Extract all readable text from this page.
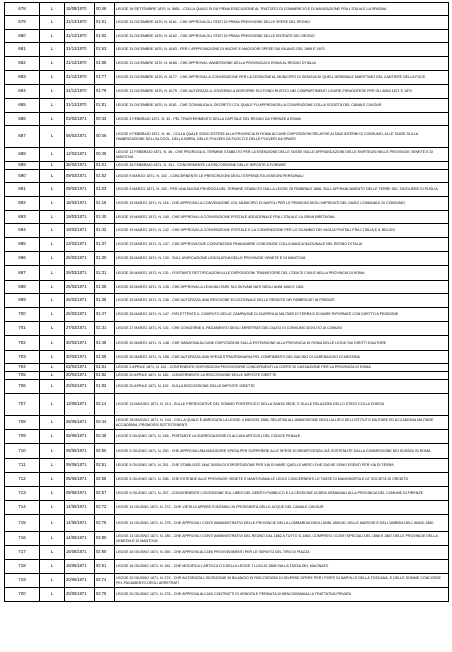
678	L	15/08/1870	00:46	LEGGE 18 SETTEMBRE 1870, N. 5851 - COLLA QUALE SI DÀ PIENA ESECUZIONE AL TRATTATO DI COMMERCIO E DI NAVIGAZIONE FRA L'ITALIA E LA SPAGNA
679	L	31/12/1870	01:61	LEGGE 31 DICEMBRE 1870, N. 6161 - CHE APPROVA GLI STATI DI PRIMA PREVISIONE DELLE SPESE DEL REGNO
680	L	31/12/1870	01:62	LEGGE 31 DICEMBRE 1870, N. 6162 - CHE APPROVA GLI STATI DI PRIMA PREVISIONE DELLE ENTRATE DEL REGNO
681	L	31/12/1870	01:63	LEGGE 31 DICEMBRE 1870, N. 6163 - PER L'APPROVAZIONE DI NUOVE E MAGGIORI SPESE SUI BILANCI DEL 1869 E 1870
682	L	31/12/1870	01:65	LEGGE 31 DICEMBRE 1870, N. 6165 - CHE APPROVA L'ANNESSIONE DELLA PROVINCIA DI ROMA AL REGNO D'ITALIA
683	L	31/12/1870	01:77	LEGGE 31 DICEMBRE 1870, N. 6177 - CHE APPROVA LA CONVENZIONE PER LA CESSIONE AL MUNICIPIO DI GENOVA DI QUELL'ARSENALE MARITTIMO DEL CANTIERE DELLA FOCE
684	L	31/12/1870	01:79	LEGGE 31 DICEMBRE 1870, N. 6179 - CHE AUTORIZZA IL GOVERNO A DISPORRE SUI FONDI RUSTICI NEI COMPARTIMENTI LIGURE-PIEMONTESE PER GLI ANNI 1871 E 1872
685	L	31/12/1870	01:81	LEGGE 31 DICEMBRE 1870, N. 6181 - CHE CONVALIDA IL DECRETO COL QUALE FU APPROVATA LA CONVENZIONE COLLA SOCIETÀ DEL CANALE CAVOUR
686	L	03/02/1871	00:33	LEGGE 3 FEBBRAIO 1871, N. 33 - PEL TRASFERIMENTO DELLA CAPITALE DEL REGNO DA FIRENZE A ROMA
687	L	05/02/1871	00:46	LEGGE 5 FEBBRAIO 1871, N. 46 - COLLA QUALE SONO ESTESE ALLA PROVINCIA DI ROMA ALCUNE DISPOSIZIONI RELATIVE AI DAZI INTERNI DI CONSUMO, ALLE TASSE SULLA FABBRICAZIONE DELL'ALCOOL, DELLA BIRRA, DELLE POLVERI DA FUOCO E DELLE POLVERI DA SPARO
688	L	12/02/1871	00:46	LEGGE 12 FEBBRAIO 1871, N. 46 - CHE PROROGA IL TERMINE STABILITO PER LA ESENZIONE DELLE TASSE SULLE AFFRANCAZIONI DELLE ENFITEUSI NELLE PROVINCIE VENETE E DI MANTOVA
689	L	26/02/1871	01:01	LEGGE 26 FEBBRAIO 1871, N. 101 - CONCERNENTE LA RISCOSSIONE DELLE IMPOSTE A FORNIRE
690	L	09/03/1871	01:02	LEGGE 9 MARZO 1871, N. 102 - CONCERNENTE LE PRESCRIZIONI DEGLI STIPENDI ED ASSEGNI PERSONALI
691	L	09/03/1871	01:03	LEGGE 9 MARZO 1871, N. 103 - PER UNA NUOVA PROROGA DEL TERMINE STABILITO DALLA LEGGE 28 FEBBRAIO 1866, SULL'AFFRANCAMENTO DELLE TERRE DEL TAVOLIERE DI PUGLIA
692	L	15/03/1871	01:16	LEGGE 15 MARZO 1871, N. 116 - CHE APPROVA LA CONVENZIONE COL MUNICIPIO DI NAPOLI PER LE PENSIONI DEGLI IMPIEGATI DEL DAZIO COMUNALE DI CONSUMO
693	L	19/03/1871	01:40	LEGGE 19 MARZO 1871, N. 140 - CHE APPROVA LA CONVENZIONE POSTALE ADDIZIONALE FRA L'ITALIA E LA GRAN BRETAGNA
694	L	19/03/1871	01:42	LEGGE 19 MARZO 1871, N. 142 - CHE APPROVA LA CONVENZIONE POSTALE E LA CONVENZIONE PER LO SCAMBIO DEI VAGLIA POSTALI FRA L'ITALIA E IL BELGIO
695	L	23/03/1871	01:37	LEGGE 23 MARZO 1871, N. 137 - CHE APPROVA DUE CONVENZIONI FINANZIARIE CONCHIUSE COLLA BANCA NAZIONALE NEL REGNO D'ITALIA
696	L	26/03/1871	01:30	LEGGE 26 MARZO 1871, N. 130 - SULL'UNIFICAZIONE LEGISLATIVA DELLE PROVINCIE VENETE E DI MANTOVA
697	L	26/03/1871	01:31	LEGGE 26 MARZO 1871, N. 131 - PORTANTE RETTIFICAZIONI ALLE DISPOSIZIONI TRANSITORIE DEL CODICE CIVILE NELLA PROVINCIA DI ROMA
698	L	26/03/1871	01:35	LEGGE 26 MARZO 1871, N. 135 - CHE APPROVA LA LEVA MILITARE SUI GIOVANI NATI NEGLI ANNI 1850 E 1851
699	L	26/03/1871	01:36	LEGGE 26 MARZO 1871, N. 136 - CHE AUTORIZZA UNA REVISIONE ECCEZIONALE DELLE RENDITE DEI FABBRICATI IN FIRENZE
700	L	26/03/1871	01:47	LEGGE 26 MARZO 1871, N. 147 - RIFLETTENTE IL COMPUTO DELLE CAMPAGNE DI GUERRA AI MILITARI DI TERRA E DI MARE RIFORMATI CON DIRITTO A PENSIONE
701	L	27/03/1871	01:31	LEGGE 27 MARZO 1871, N. 131 - CHE CONCERNE IL PAGAMENTO DEGLI ARRETRATI DEL DAZIO DI CONSUMO DOVUTO AI COMUNI
702	L	30/03/1871	01:48	LEGGE 30 MARZO 1871, N. 148 - CHE SANZIONA ALCUNE DISPOSIZIONI SULLA ESTENSIONE ALLA PROVINCIA DI ROMA DELLE LEGGI SUI DIRITTI D'AUTORE
703	L	30/03/1871	01:58	LEGGE 30 MARZO 1871, N. 158 - CHE AUTORIZZA UNA SPESA STRAORDINARIA PEL COMPIMENTO DEL BACINO DI CARENAGGIO DI MESSINA
704	L	02/04/1871	01:51	LEGGE 2 APRILE 1871, N. 151 - CONTENENTE DISPOSIZIONI PROVVISORIE CONCERNENTI LA CORTE DI CASSAZIONE PER LA PROVINCIA DI ROMA
705	L	20/04/1871	01:82	LEGGE 20 APRILE 1871, N. 182 - CONCERNENTE LA RISCOSSIONE DELLE IMPOSTE DIRETTE
706	L	20/04/1871	01:92	LEGGE 20 APRILE 1871, N. 192 - SULLA RISCOSSIONE DELLE IMPOSTE DIRETTE
707	L	13/05/1871	02:14	LEGGE 13 MAGGIO 1871, N. 214 - SULLE PREROGATIVE DEL SOMMO PONTEFICE E DELLA SANTA SEDE, E SULLE RELAZIONI DELLO STATO COLLA CHIESA
708	L	28/05/1871	02:44	LEGGE 28 MAGGIO 1871, N. 244 - COLLA QUALE È ABROGATA LA LEGGE 4 MAGGIO 1866, RELATIVA ALL'AMMISSIONE DEGLI ALLIEVI DELL'ISTITUTO MILITARE ED ACCADEMIA MILITARE ACCADEMIA, PROMOSSI SOTTOTENENTI
709	L	05/06/1871	02:48	LEGGE 5 GIUGNO 1871, N. 248 - PORTANTE LA SURROGAZIONE DI ALCUNI ARTICOLI DEL CODICE PENALE
710	L	05/06/1871	02:50	LEGGE 5 GIUGNO 1871, N. 250 - CHE APPROVA UNA MAGGIORE SPESA PER SOPPERIRE ALLE SPESE DI BENEFICENZA GIÀ SOSTENUTE DALLA COMMISSIONE DEI SUSSIDI IN ROMA
711	L	05/06/1871	02:51	LEGGE 5 GIUGNO 1871, N. 251 - CHE STABILISCE UNA TASSA DI ESPORTAZIONE PER VIA DI MARE QUELLE MERCI CHE GIÀ NE SONO ESENTI PER VIA DI TERRA
712	L	05/06/1871	02:58	LEGGE 5 GIUGNO 1871, N. 258 - CHE ESTENDE ALLE PROVINCIE VENETE E MANTOVANA LE LEGGI CONCERNENTI LE TASSE DI MANOMORTA E LE SOCIETÀ DI CREDITO
713	L	09/06/1871	02:57	LEGGE 9 GIUGNO 1871, N. 257 - CONCERNENTE L'ISCRIZIONE SUL LIBRO DEL DEBITO PUBBLICO E LA CESSIONE DI BENI DEMANIALI ALLA PROVINCIA DEL COMUNE DI FIRENZE
714	L	14/06/1871	02:72	LEGGE 14 GIUGNO 1871, N. 272 - CHE VIETA DI APRIRE FONTANILI IN PROSSIMITÀ DELLE ACQUE DEL CANALE CAVOUR
715	L	14/06/1871	02:75	LEGGE 14 GIUGNO 1871, N. 275 - CHE APPROVA I CONTI AMMINISTRATIVI DELLE PROVINCIE DELLA LOMBARDIA DEGLI ANNI 1859-60, DELLE MARCHE E DELL'UMBRIA DELL'ANNO 1860
716	L	14/06/1871	02:80	LEGGE 14 GIUGNO 1871, N. 280 - CHE APPROVA I CONTI AMMINISTRATIVI DEL REGNO DAL 1862 A TUTTO IL 1863, COMPRESI I CONTI SPECIALI DEL 1866 E 1867 DELLE PROVINCIE DELLA VENEZIA E DI MANTOVA
717	L	16/06/1871	02:60	LEGGE 16 GIUGNO 1871, N. 260 - CHE APPROVA ALCUNI PROVVEDIMENTI PER LE SERVITÙ DEL TIRO DI PIAZZA
718	L	16/06/1871	02:61	LEGGE 16 GIUGNO 1871, N. 261 - CHE MODIFICA L'ARTICOLO 5 DELLA LEGGE 7 LUGLIO 1868 SULLA TASSA DEL MACINATO
719	L	20/06/1871	02:74	LEGGE 20 GIUGNO 1871, N. 274 - CHE AUTORIZZA L'ISCRIZIONE IN BILANCIO DI RISCOSSIONI DI DIVERSE OPERE PER I PORTI DI NAPOLI E DELLA TOSCANA, E DELLE SOMME CONCORSE PEL PAGAMENTO DEGLI ARRETRATI
720	L	20/06/1871	02:76	LEGGE 20 GIUGNO 1871, N. 276 - CHE APPROVA ALCUNI CONTRATTI DI VENDITA E PERMUTA DI BENI DEMANIALI A TRATTATIVA PRIVATA
